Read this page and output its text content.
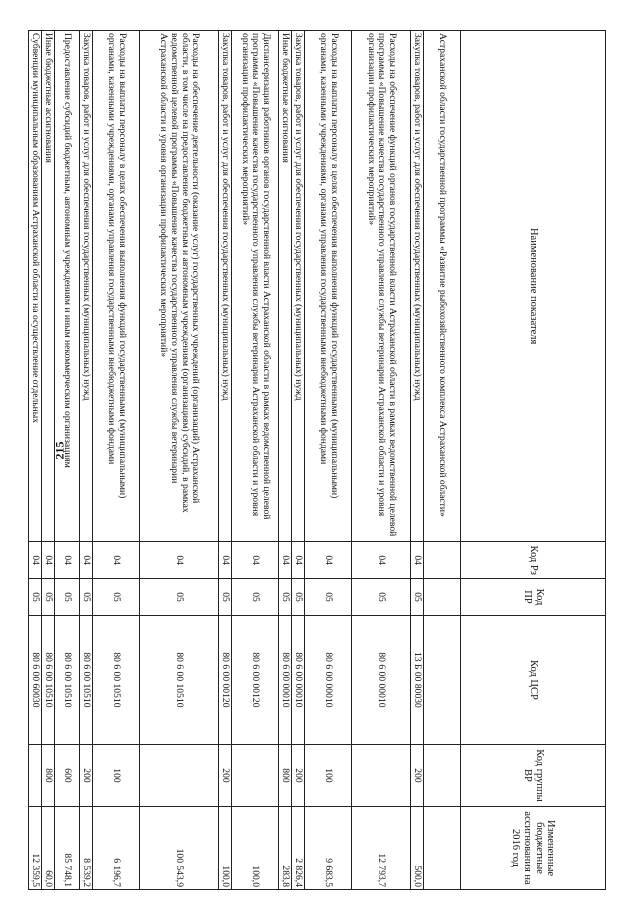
215
Наименование показателя	Код Рз	Код ПР	Код ЦСР	Код группы ВР	Измененные бюджетные ассигнования на 2016 год
Астраханской области государственной программы «Развитие рыбохозяйственного комплекса Астраханской области»					
Закупка товаров, работ и услуг для обеспечения государственных (муниципальных) нужд	04	05	13 Б 00 80030	200	500,0
Расходы на обеспечение функций органов государственной власти Астраханской области в рамках ведомственной целевой программы «Повышение качества государственного управления службы ветеринарии Астраханской области и уровня организации профилактических мероприятий»	04	05	80 6 00 00010		12 793,7
Расходы на выплаты персоналу в целях обеспечения выполнения функций государственными (муниципальными) органами, казенными учреждениями, органами управления государственными внебюджетными фондами	04	05	80 6 00 00010	100	9 683,5
Закупка товаров, работ и услуг для обеспечения государственных (муниципальных) нужд	04	05	80 6 00 00010	200	2 826,4
Иные бюджетные ассигнования	04	05	80 6 00 00010	800	283,8
Диспансеризация работников органов государственной власти Астраханской области в рамках ведомственной целевой программы «Повышение качества государственного управления службы ветеринарии Астраханской области и уровня организации профилактических мероприятий»	04	05	80 6 00 00120		100,0
Закупка товаров, работ и услуг для обеспечения государственных (муниципальных) нужд	04	05	80 6 00 00120	200	100,0
Расходы на обеспечение деятельности (оказание услуг) государственных учреждений (организаций) Астраханской области, в том числе на предоставление бюджетным и автономным учреждениям (организациям) субсидий, в рамках ведомственной целевой программы «Повышение качества государственного управления службы ветеринарии Астраханской области и уровня организации профилактических мероприятий»	04	05	80 6 00 10510		100 543,9
Расходы на выплаты персоналу в целях обеспечения выполнения функций государственными (муниципальными) органами, казенными учреждениями, органами управления государственными внебюджетными фондами	04	05	80 6 00 10510	100	6 196,7
Закупка товаров, работ и услуг для обеспечения государственных (муниципальных) нужд	04	05	80 6 00 10510	200	8 539,2
Предоставление субсидий бюджетным, автономным учреждениям и иным некоммерческим организациям	04	05	80 6 00 10510	600	85 748,1
Иные бюджетные ассигнования	04	05	80 6 00 10510	800	60,0
Субвенции муниципальным образованиям Астраханской области на осуществление отдельных	04	05	80 6 00 60030		12 359,5
